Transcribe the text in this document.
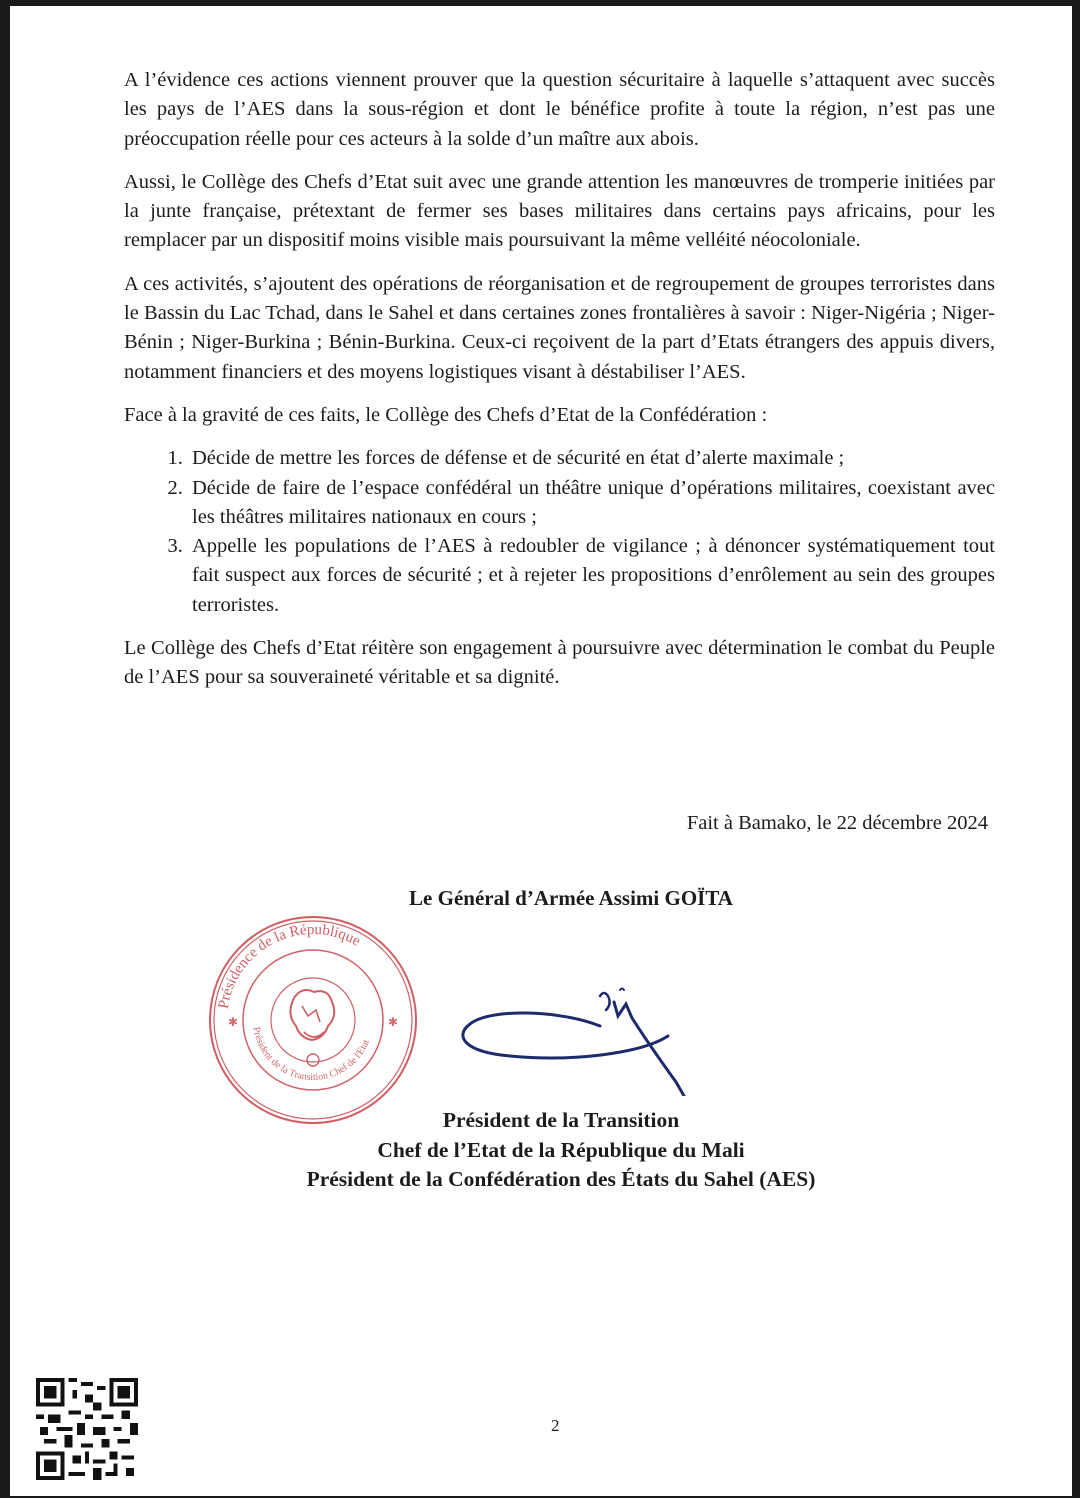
A l’évidence ces actions viennent prouver que la question sécuritaire à laquelle s’attaquent avec succès les pays de l’AES dans la sous-région et dont le bénéfice profite à toute la région, n’est pas une préoccupation réelle pour ces acteurs à la solde d’un maître aux abois.

Aussi, le Collège des Chefs d’Etat suit avec une grande attention les manœuvres de tromperie initiées par la junte française, prétextant de fermer ses bases militaires dans certains pays africains, pour les remplacer par un dispositif moins visible mais poursuivant la même velléité néocoloniale.

A ces activités, s’ajoutent des opérations de réorganisation et de regroupement de groupes terroristes dans le Bassin du Lac Tchad, dans le Sahel et dans certaines zones frontalières à savoir : Niger-Nigéria ; Niger-Bénin ; Niger-Burkina ; Bénin-Burkina. Ceux-ci reçoivent de la part d’Etats étrangers des appuis divers, notamment financiers et des moyens logistiques visant à déstabiliser l’AES.

Face à la gravité de ces faits, le Collège des Chefs d’Etat de la Confédération :

1. Décide de mettre les forces de défense et de sécurité en état d’alerte maximale ;
2. Décide de faire de l’espace confédéral un théâtre unique d’opérations militaires, coexistant avec les théâtres militaires nationaux en cours ;
3. Appelle les populations de l’AES à redoubler de vigilance ; à dénoncer systématiquement tout fait suspect aux forces de sécurité ; et à rejeter les propositions d’enrôlement au sein des groupes terroristes.

Le Collège des Chefs d’Etat réitère son engagement à poursuivre avec détermination le combat du Peuple de l’AES pour sa souveraineté véritable et sa dignité.

Fait à Bamako, le 22 décembre 2024
Le Général d’Armée Assimi GOÏTA
Présidence de la République
Président de la Transition Chef de l'Etat
✱	✱
Président de la Transition
Chef de l’Etat de la République du Mali
Président de la Confédération des États du Sahel (AES)
2
